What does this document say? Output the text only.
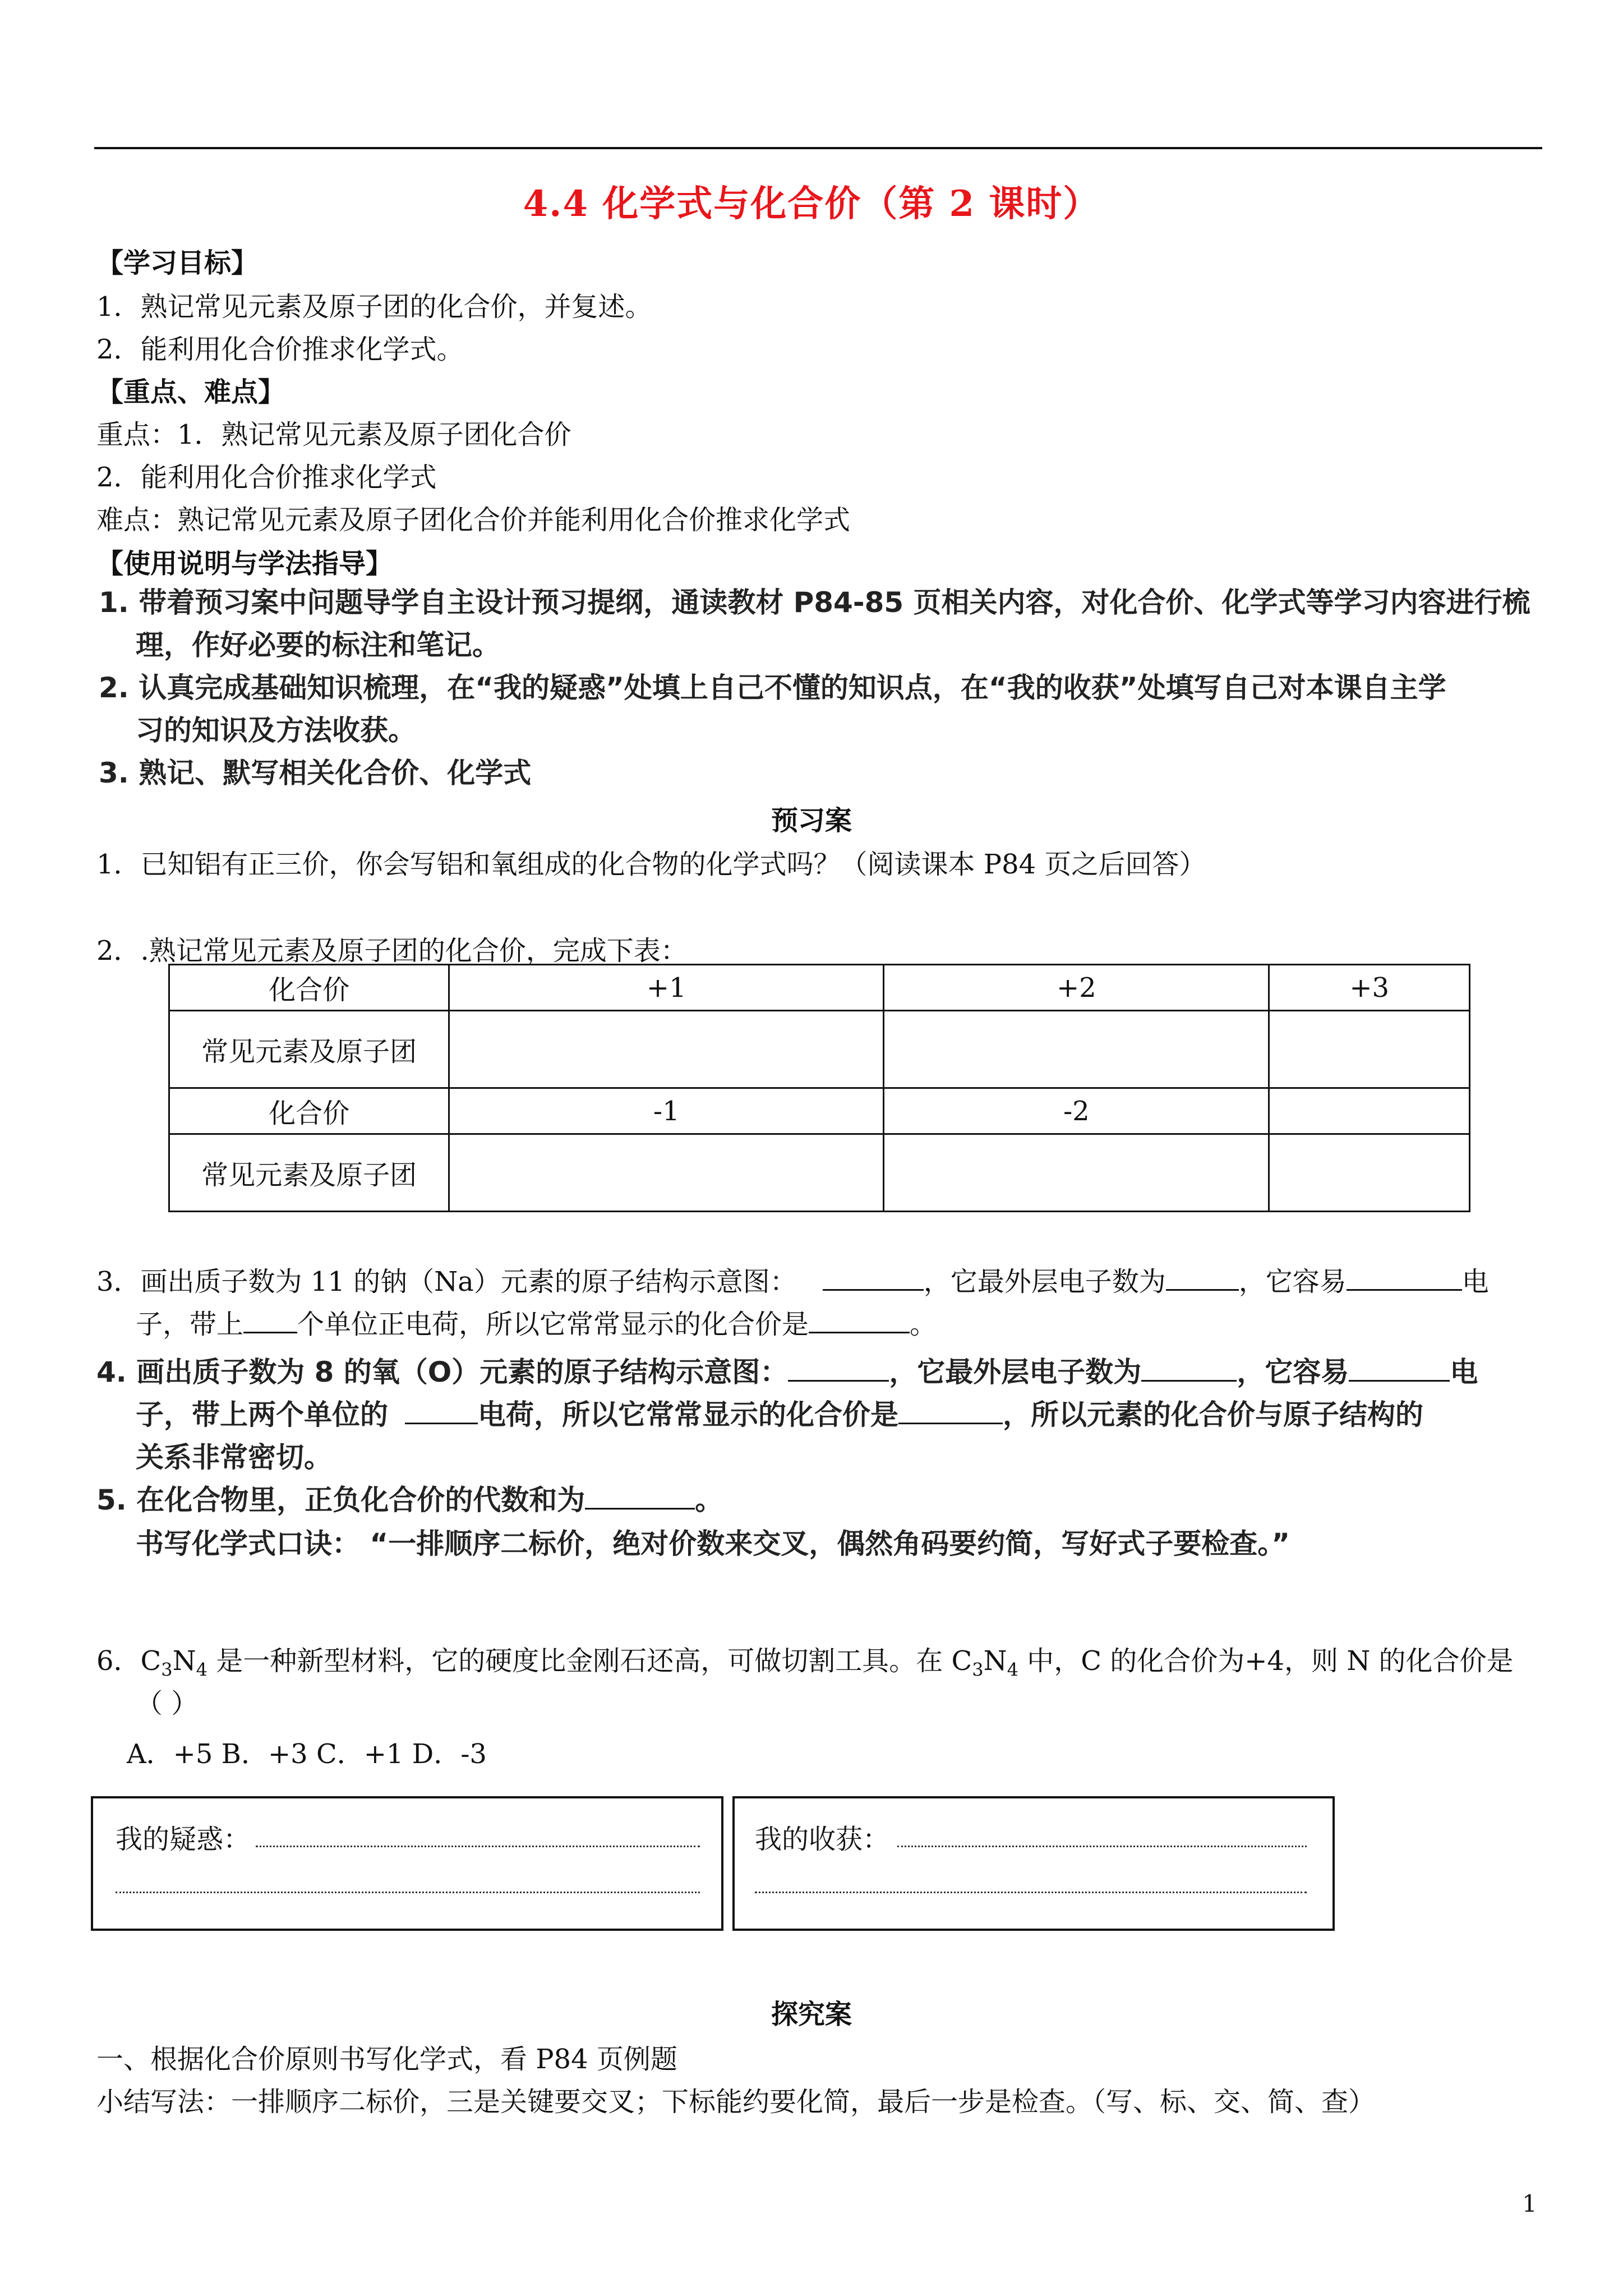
4.4 化学式与化合价（第 2 课时）
【学习目标】
1．熟记常见元素及原子团的化合价，并复述。
2．能利用化合价推求化学式。
【重点、难点】
重点：1．熟记常见元素及原子团化合价
2．能利用化合价推求化学式
难点：熟记常见元素及原子团化合价并能利用化合价推求化学式
【使用说明与学法指导】
1. 带着预习案中问题导学自主设计预习提纲，通读教材 P84-85 页相关内容，对化合价、化学式等学习内容进行梳
理，作好必要的标注和笔记。
2. 认真完成基础知识梳理，在“我的疑惑”处填上自己不懂的知识点，在“我的收获”处填写自己对本课自主学
习的知识及方法收获。
3. 熟记、默写相关化合价、化学式
预习案
1．已知铝有正三价，你会写铝和氧组成的化合物的化学式吗？（阅读课本 P84 页之后回答）
2．.熟记常见元素及原子团的化合价，完成下表：
化合价	+1	+2	+3
常见元素及原子团			
化合价	-1	-2	
常见元素及原子团			
3．画出质子数为 11 的钠（Na）元素的原子结构示意图：	，它最外层电子数为	，它容易	电
子，带上 个单位正电荷，所以它常常显示的化合价是	。
4. 画出质子数为 8 的氧（O）元素的原子结构示意图：	，它最外层电子数为	，它容易	电
子，带上两个单位的	电荷，所以它常常显示的化合价是	，所以元素的化合价与原子结构的
关系非常密切。
5. 在化合物里，正负化合价的代数和为	。
书写化学式口诀： “一排顺序二标价，绝对价数来交叉，偶然角码要约简，写好式子要检查。”
6．$C_3N_4$ 是一种新型材料，它的硬度比金刚石还高，可做切割工具。在 $C_3N_4$ 中，C 的化合价为+4，则 N 的化合价是
（ ）
A．+5 B．+3 C．+1 D．-3
我的疑惑：	我的收获：
探究案
一、根据化合价原则书写化学式，看 P84 页例题
小结写法：一排顺序二标价，三是关键要交叉；下标能约要化简，最后一步是检查。（写、标、交、简、查）
1
